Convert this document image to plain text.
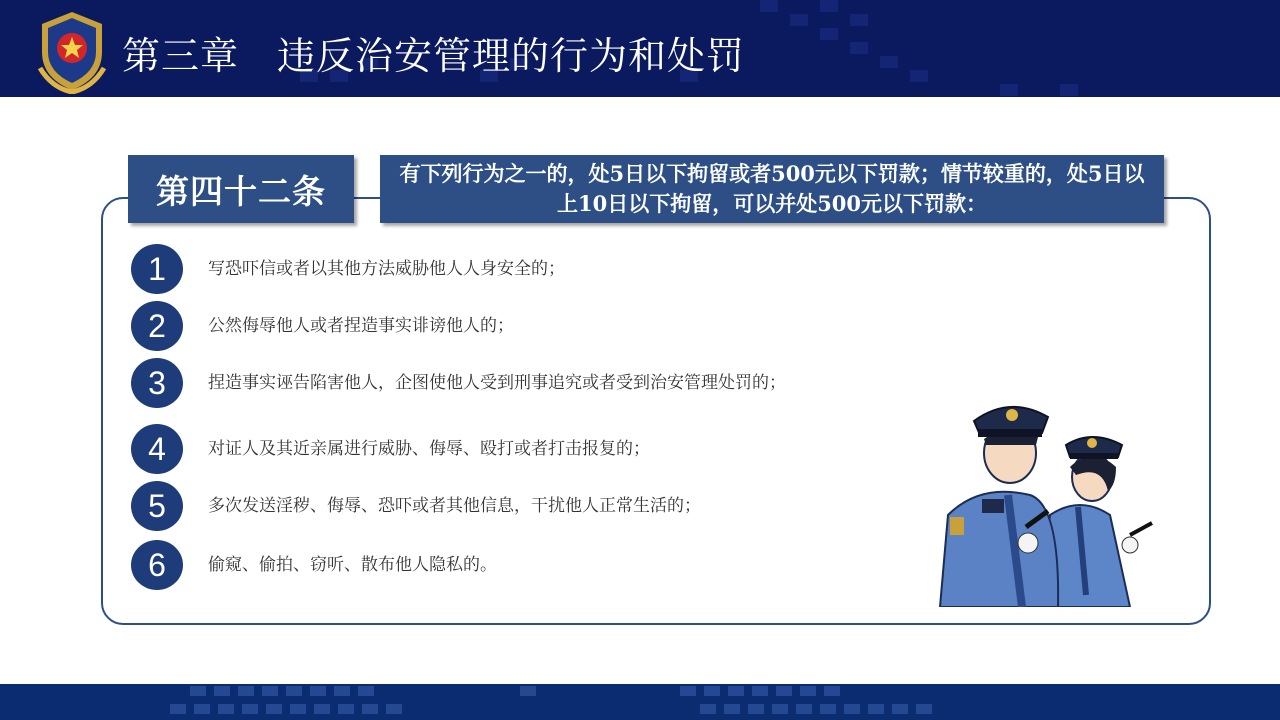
第三章 违反治安管理的行为和处罚
第四十二条	有下列行为之一的，处5日以下拘留或者500元以下罚款；情节较重的，处5日以上10日以下拘留，可以并处500元以下罚款：
1	写恐吓信或者以其他方法威胁他人人身安全的；
2	公然侮辱他人或者捏造事实诽谤他人的；
3	捏造事实诬告陷害他人，企图使他人受到刑事追究或者受到治安管理处罚的；
4	对证人及其近亲属进行威胁、侮辱、殴打或者打击报复的；
5	多次发送淫秽、侮辱、恐吓或者其他信息，干扰他人正常生活的；
6	偷窥、偷拍、窃听、散布他人隐私的。
